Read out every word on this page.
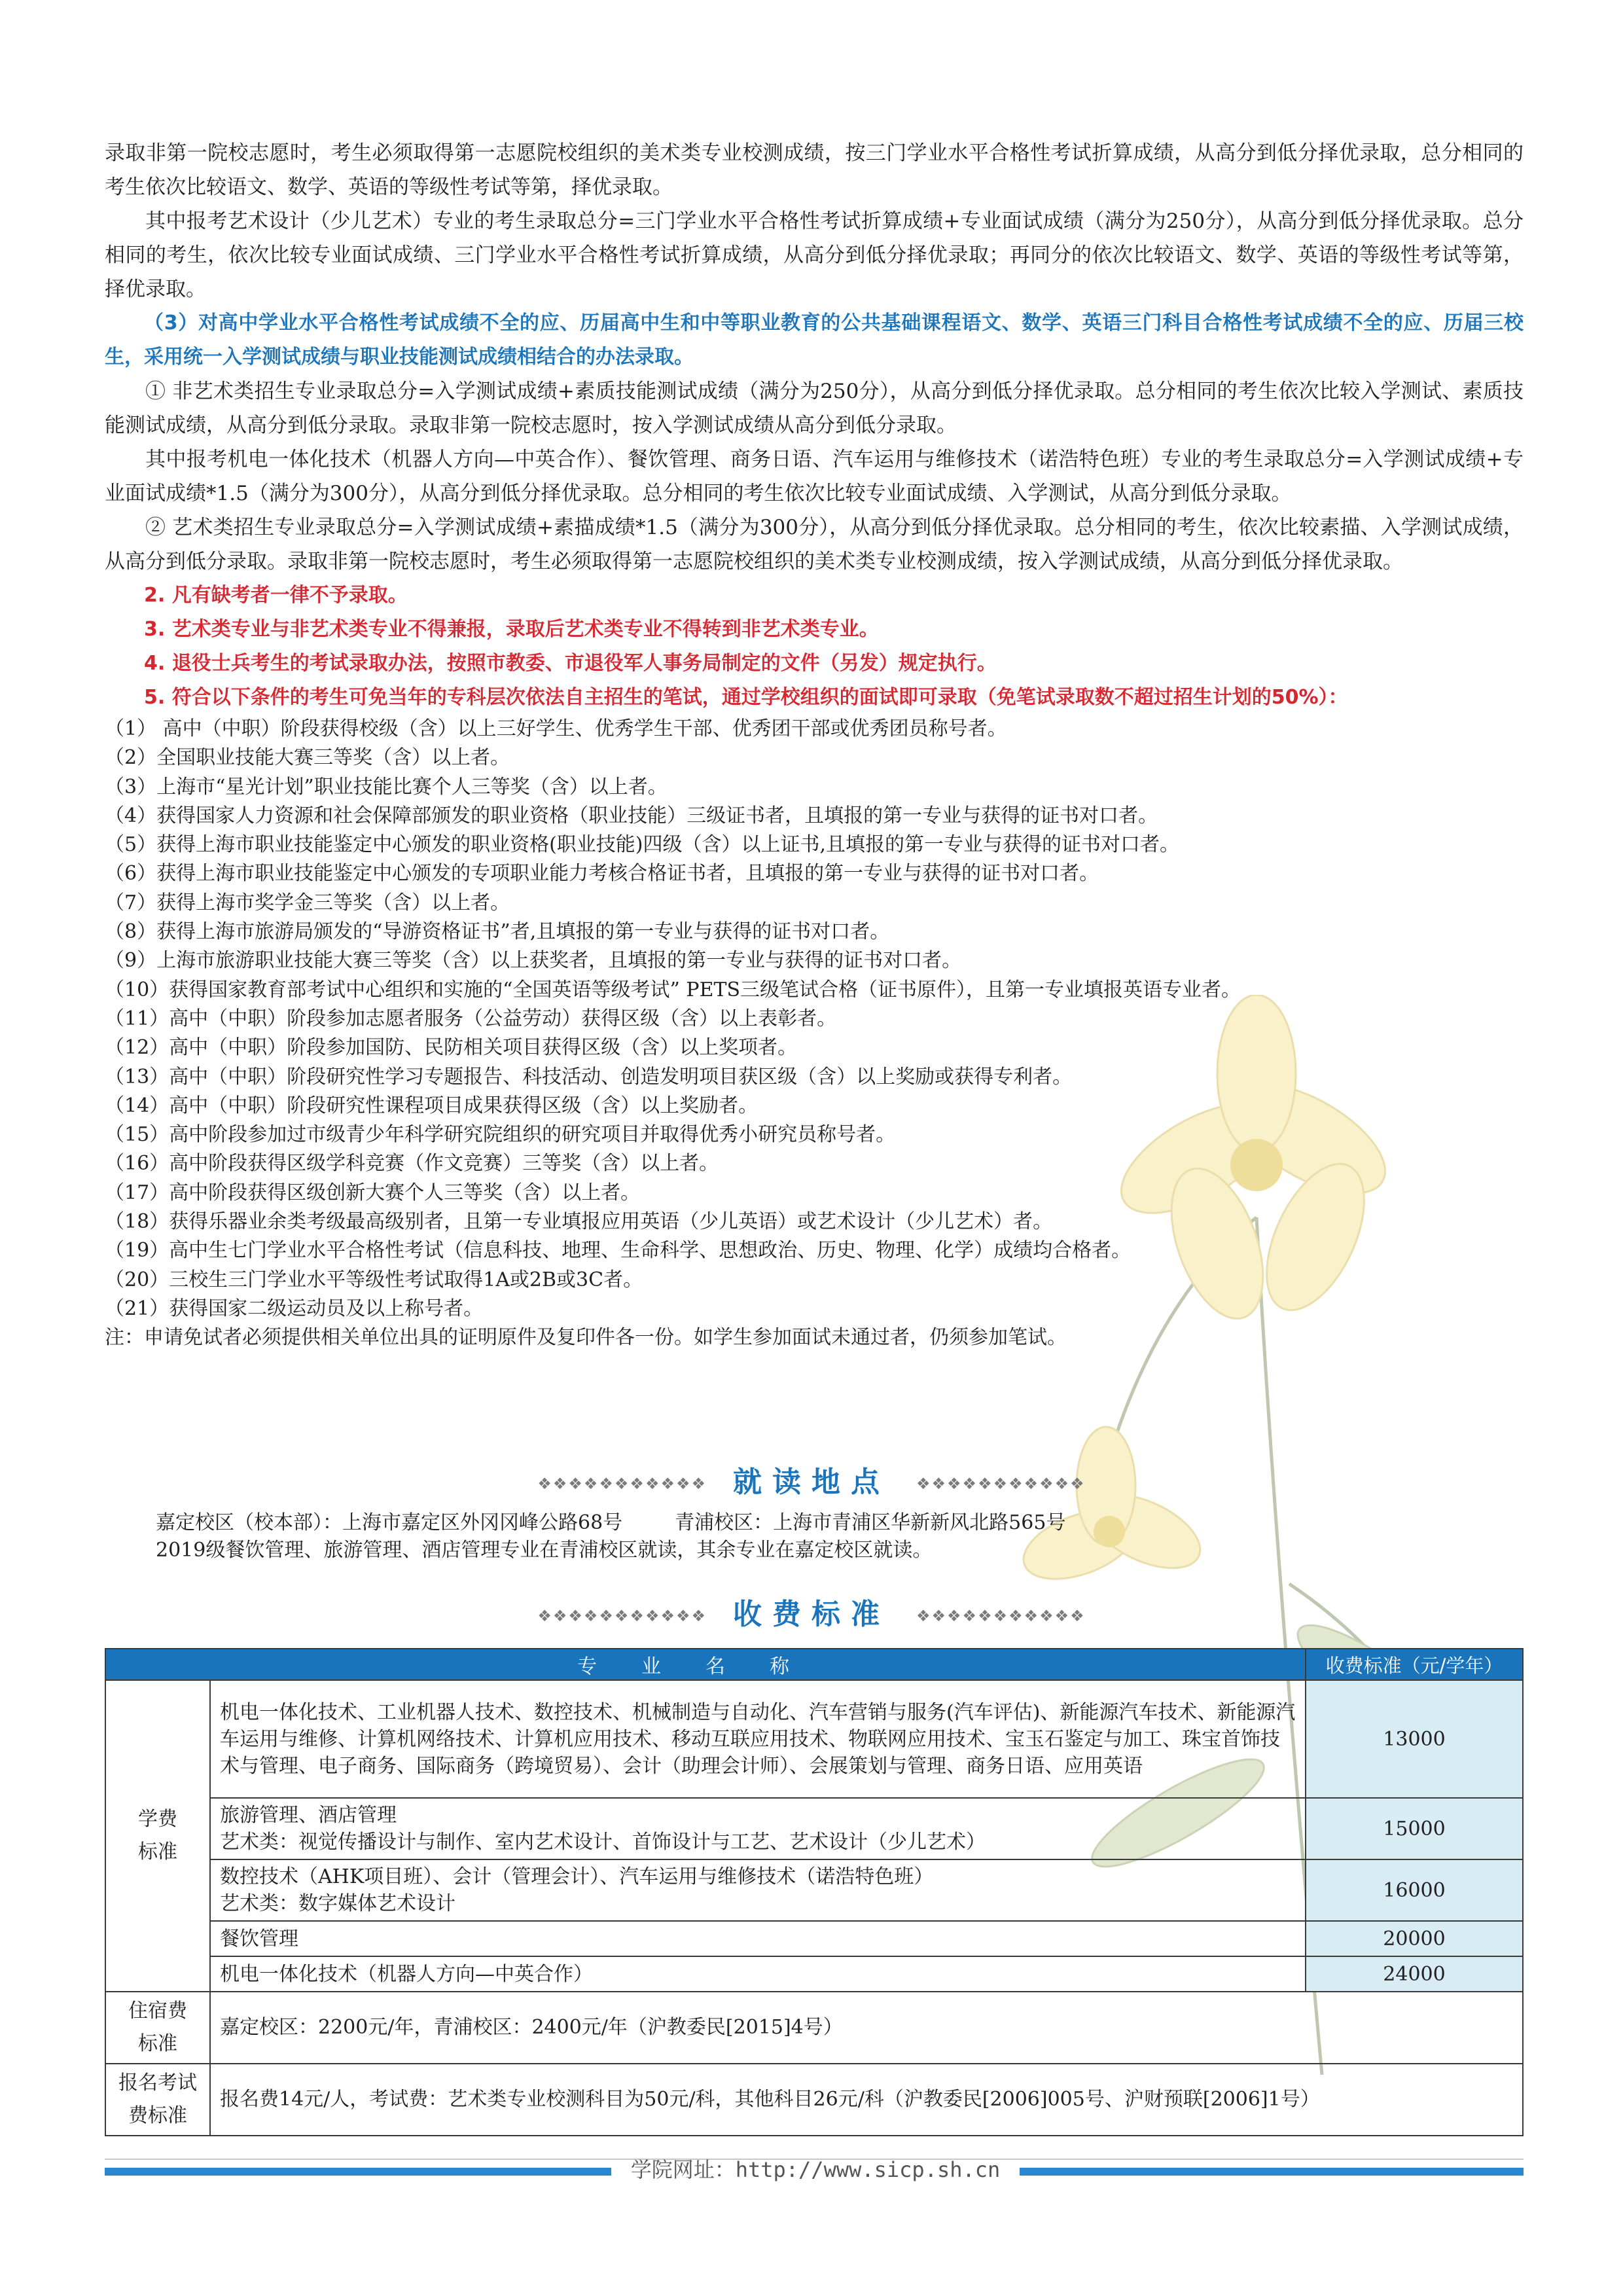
录取非第一院校志愿时，考生必须取得第一志愿院校组织的美术类专业校测成绩，按三门学业水平合格性考试折算成绩，从高分到低分择优录取，总分相同的考生依次比较语文、数学、英语的等级性考试等第，择优录取。

其中报考艺术设计（少儿艺术）专业的考生录取总分=三门学业水平合格性考试折算成绩+专业面试成绩（满分为250分），从高分到低分择优录取。总分相同的考生，依次比较专业面试成绩、三门学业水平合格性考试折算成绩，从高分到低分择优录取；再同分的依次比较语文、数学、英语的等级性考试等第，择优录取。

（3）对高中学业水平合格性考试成绩不全的应、历届高中生和中等职业教育的公共基础课程语文、数学、英语三门科目合格性考试成绩不全的应、历届三校生，采用统一入学测试成绩与职业技能测试成绩相结合的办法录取。

① 非艺术类招生专业录取总分=入学测试成绩+素质技能测试成绩（满分为250分），从高分到低分择优录取。总分相同的考生依次比较入学测试、素质技能测试成绩，从高分到低分录取。录取非第一院校志愿时，按入学测试成绩从高分到低分录取。

其中报考机电一体化技术（机器人方向—中英合作）、餐饮管理、商务日语、汽车运用与维修技术（诺浩特色班）专业的考生录取总分=入学测试成绩+专业面试成绩*1.5（满分为300分），从高分到低分择优录取。总分相同的考生依次比较专业面试成绩、入学测试，从高分到低分录取。

② 艺术类招生专业录取总分=入学测试成绩+素描成绩*1.5（满分为300分），从高分到低分择优录取。总分相同的考生，依次比较素描、入学测试成绩，从高分到低分录取。录取非第一院校志愿时，考生必须取得第一志愿院校组织的美术类专业校测成绩，按入学测试成绩，从高分到低分择优录取。

2. 凡有缺考者一律不予录取。

3. 艺术类专业与非艺术类专业不得兼报，录取后艺术类专业不得转到非艺术类专业。

4. 退役士兵考生的考试录取办法，按照市教委、市退役军人事务局制定的文件（另发）规定执行。

5. 符合以下条件的考生可免当年的专科层次依法自主招生的笔试，通过学校组织的面试即可录取（免笔试录取数不超过招生计划的50%）：

（1） 高中（中职）阶段获得校级（含）以上三好学生、优秀学生干部、优秀团干部或优秀团员称号者。
（2）全国职业技能大赛三等奖（含）以上者。
（3）上海市“星光计划”职业技能比赛个人三等奖（含）以上者。
（4）获得国家人力资源和社会保障部颁发的职业资格（职业技能）三级证书者，且填报的第一专业与获得的证书对口者。
（5）获得上海市职业技能鉴定中心颁发的职业资格(职业技能)四级（含）以上证书,且填报的第一专业与获得的证书对口者。
（6）获得上海市职业技能鉴定中心颁发的专项职业能力考核合格证书者，且填报的第一专业与获得的证书对口者。
（7）获得上海市奖学金三等奖（含）以上者。
（8）获得上海市旅游局颁发的“导游资格证书”者,且填报的第一专业与获得的证书对口者。
（9）上海市旅游职业技能大赛三等奖（含）以上获奖者，且填报的第一专业与获得的证书对口者。
（10）获得国家教育部考试中心组织和实施的“全国英语等级考试” PETS三级笔试合格（证书原件），且第一专业填报英语专业者。
（11）高中（中职）阶段参加志愿者服务（公益劳动）获得区级（含）以上表彰者。
（12）高中（中职）阶段参加国防、民防相关项目获得区级（含）以上奖项者。
（13）高中（中职）阶段研究性学习专题报告、科技活动、创造发明项目获区级（含）以上奖励或获得专利者。
（14）高中（中职）阶段研究性课程项目成果获得区级（含）以上奖励者。
（15）高中阶段参加过市级青少年科学研究院组织的研究项目并取得优秀小研究员称号者。
（16）高中阶段获得区级学科竞赛（作文竞赛）三等奖（含）以上者。
（17）高中阶段获得区级创新大赛个人三等奖（含）以上者。
（18）获得乐器业余类考级最高级别者，且第一专业填报应用英语（少儿英语）或艺术设计（少儿艺术）者。
（19）高中生七门学业水平合格性考试（信息科技、地理、生命科学、思想政治、历史、物理、化学）成绩均合格者。
（20）三校生三门学业水平等级性考试取得1A或2B或3C者。
（21）获得国家二级运动员及以上称号者。
注：申请免试者必须提供相关单位出具的证明原件及复印件各一份。如学生参加面试未通过者，仍须参加笔试。
❖❖❖❖❖❖❖❖❖❖❖ 就读地点 ❖❖❖❖❖❖❖❖❖❖❖
嘉定校区（校本部）：上海市嘉定区外冈冈峰公路68号	青浦校区：上海市青浦区华新新风北路565号
2019级餐饮管理、旅游管理、酒店管理专业在青浦校区就读，其余专业在嘉定校区就读。
❖❖❖❖❖❖❖❖❖❖❖ 收费标准 ❖❖❖❖❖❖❖❖❖❖❖
专业名称		收费标准（元/学年）
学费
标准	机电一体化技术、工业机器人技术、数控技术、机械制造与自动化、汽车营销与服务(汽车评估)、新能源汽车技术、新能源汽车运用与维修、计算机网络技术、计算机应用技术、移动互联应用技术、物联网应用技术、宝玉石鉴定与加工、珠宝首饰技术与管理、电子商务、国际商务（跨境贸易）、会计（助理会计师）、会展策划与管理、商务日语、应用英语	13000

	旅游管理、酒店管理
艺术类：视觉传播设计与制作、室内艺术设计、首饰设计与工艺、艺术设计（少儿艺术）	15000

	数控技术（AHK项目班）、会计（管理会计）、汽车运用与维修技术（诺浩特色班）
艺术类：数字媒体艺术设计	16000
	餐饮管理	20000
	机电一体化技术（机器人方向—中英合作）	24000
住宿费
标准	嘉定校区：2200元/年，青浦校区：2400元/年（沪教委民[2015]4号）	
报名考试
费标准	报名费14元/人，考试费：艺术类专业校测科目为50元/科，其他科目26元/科（沪教委民[2006]005号、沪财预联[2006]1号）	
学院网址：http://www.sicp.sh.cn
